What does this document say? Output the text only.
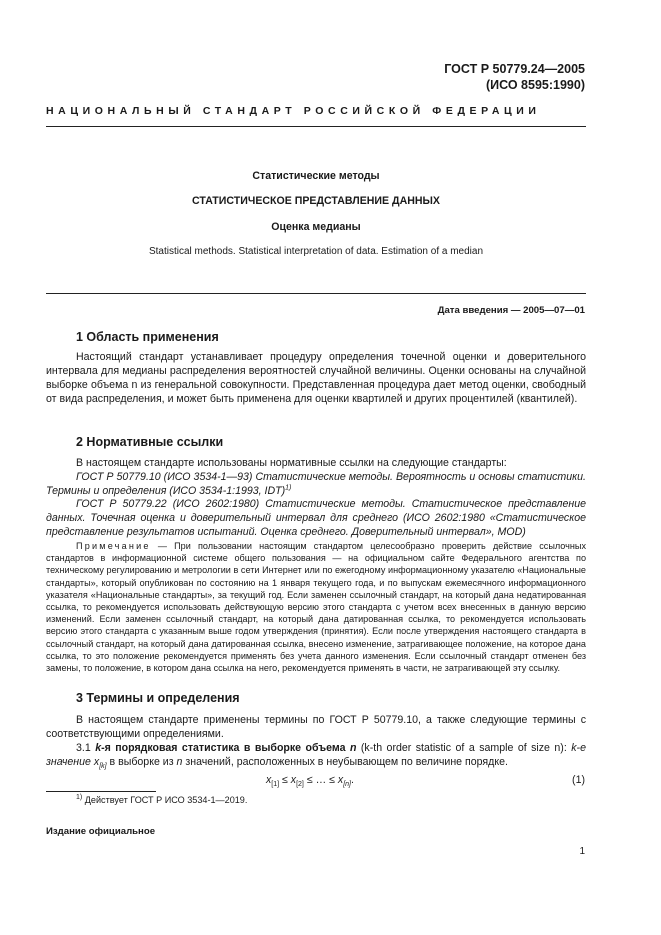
ГОСТ Р 50779.24—2005
(ИСО 8595:1990)
НАЦИОНАЛЬНЫЙ СТАНДАРТ РОССИЙСКОЙ ФЕДЕРАЦИИ
Статистические методы
СТАТИСТИЧЕСКОЕ ПРЕДСТАВЛЕНИЕ ДАННЫХ
Оценка медианы
Statistical methods. Statistical interpretation of data. Estimation of a median
Дата введения — 2005—07—01
1 Область применения
Настоящий стандарт устанавливает процедуру определения точечной оценки и доверительного интервала для медианы распределения вероятностей случайной величины. Оценки основаны на случайной выборке объема n из генеральной совокупности. Представленная процедура дает метод оценки, свободный от вида распределения, и может быть применена для оценки квартилей и других процентилей (квантилей).
2 Нормативные ссылки
В настоящем стандарте использованы нормативные ссылки на следующие стандарты:
ГОСТ Р 50779.10 (ИСО 3534-1—93) Статистические методы. Вероятность и основы статистики. Термины и определения (ИСО 3534-1:1993, IDT)$^{1)}$
ГОСТ Р 50779.22 (ИСО 2602:1980) Статистические методы. Статистическое представление данных. Точечная оценка и доверительный интервал для среднего (ИСО 2602:1980 «Статистическое представление результатов испытаний. Оценка среднего. Доверительный интервал», MOD)
Примечание — При пользовании настоящим стандартом целесообразно проверить действие ссылочных стандартов в информационной системе общего пользования — на официальном сайте Федерального агентства по техническому регулированию и метрологии в сети Интернет или по ежегодному информационному указателю «Национальные стандарты», который опубликован по состоянию на 1 января текущего года, и по выпускам ежемесячного информационного указателя «Национальные стандарты», за текущий год. Если заменен ссылочный стандарт, на который дана недатированная ссылка, то рекомендуется использовать действующую версию этого стандарта с учетом всех внесенных в данную версию изменений. Если заменен ссылочный стандарт, на который дана датированная ссылка, то рекомендуется использовать версию этого стандарта с указанным выше годом утверждения (принятия). Если после утверждения настоящего стандарта в ссылочный стандарт, на который дана датированная ссылка, внесено изменение, затрагивающее положение, на которое дана ссылка, то это положение рекомендуется применять без учета данного изменения. Если ссылочный стандарт отменен без замены, то положение, в котором дана ссылка на него, рекомендуется применять в части, не затрагивающей эту ссылку.
3 Термины и определения
В настоящем стандарте применены термины по ГОСТ Р 50779.10, а также следующие термины с соответствующими определениями.
3.1 k-я порядковая статистика в выборке объема n (k-th order statistic of a sample of size n): k-е значение $x_{[k]}$ в выборке из n значений, расположенных в неубывающем по величине порядке.
$x_{[1]} \le x_{[2]}$ ≤ … ≤ $x_{[n]}$.	(1)
$^{1)}$ Действует ГОСТ Р ИСО 3534-1—2019.
Издание официальное
1
